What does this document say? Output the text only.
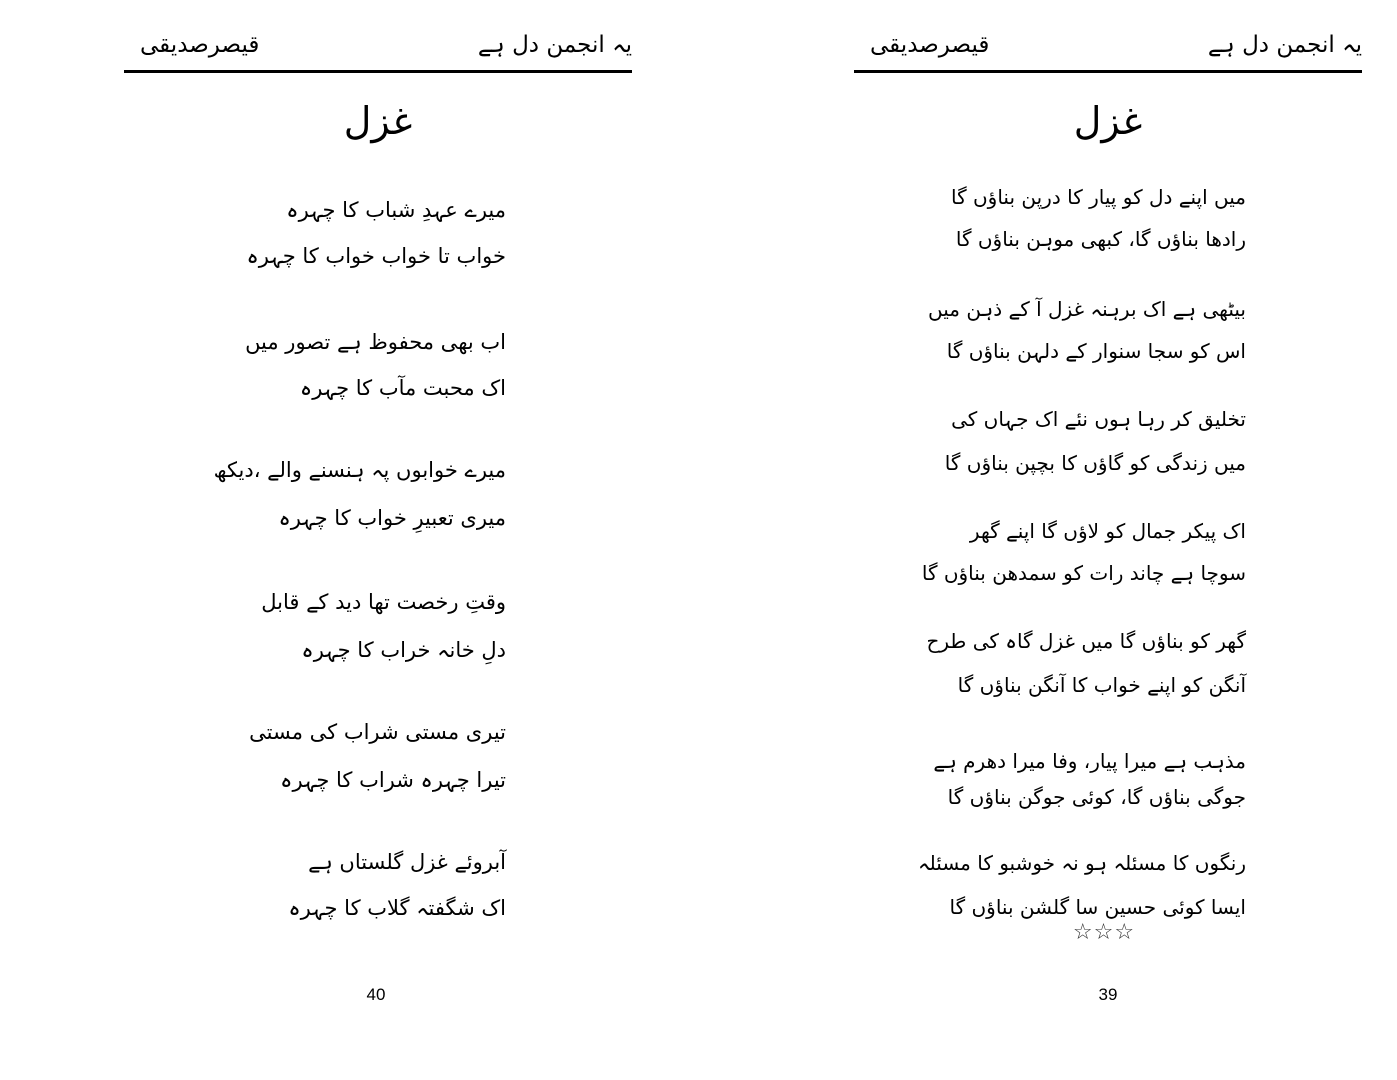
یہ انجمن دل ہے
قیصرصدیقی
غزل
میرے عہدِ شباب کا چہرہ
خواب تا خواب خواب کا چہرہ
اب بھی محفوظ ہے تصور میں
اک محبت مآب کا چہرہ
میرے خوابوں پہ ہنسنے والے ،دیکھ
میری تعبیرِ خواب کا چہرہ
وقتِ رخصت تھا دید کے قابل
دلِ خانہ خراب کا چہرہ
تیری مستی شراب کی مستی
تیرا چہرہ شراب کا چہرہ
آبروئے غزل گلستاں ہے
اک شگفتہ گلاب کا چہرہ
40
یہ انجمن دل ہے
قیصرصدیقی
غزل
میں اپنے دل کو پیار کا درپن بناؤں گا
رادھا بناؤں گا، کبھی موہن بناؤں گا
بیٹھی ہے اک برہنہ غزل آ کے ذہن میں
اس کو سجا سنوار کے دلہن بناؤں گا
تخلیق کر رہا ہوں نئے اک جہاں کی
میں زندگی کو گاؤں کا بچپن بناؤں گا
اک پیکر جمال کو لاؤں گا اپنے گھر
سوچا ہے چاند رات کو سمدھن بناؤں گا
گھر کو بناؤں گا میں غزل گاہ کی طرح
آنگن کو اپنے خواب کا آنگن بناؤں گا
مذہب ہے میرا پیار، وفا میرا دھرم ہے
جوگی بناؤں گا، کوئی جوگن بناؤں گا
رنگوں کا مسئلہ ہو نہ خوشبو کا مسئلہ
ایسا کوئی حسین سا گلشن بناؤں گا
☆☆☆
39
